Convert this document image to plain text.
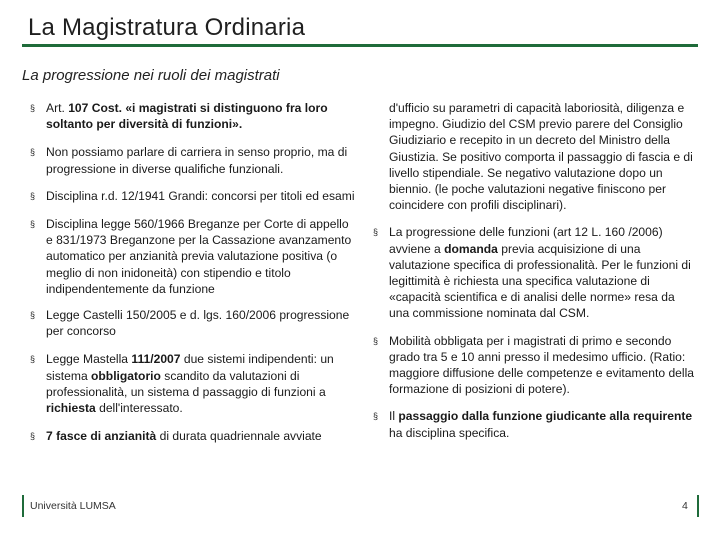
La Magistratura Ordinaria
La progressione nei ruoli dei magistrati
§ Art. 107 Cost. «i magistrati si distinguono fra loro soltanto per diversità di funzioni».
§ Non possiamo parlare di carriera in senso proprio, ma di progressione in diverse qualifiche funzionali.
§ Disciplina r.d. 12/1941 Grandi: concorsi per titoli ed esami
§ Disciplina legge 560/1966 Breganze per Corte di appello e 831/1973 Breganzone per la Cassazione avanzamento automatico per anzianità previa valutazione positiva (o meglio di non inidoneità) con stipendio e titolo indipendentemente da funzione
§ Legge Castelli 150/2005 e d. lgs. 160/2006 progressione per concorso
§ Legge Mastella 111/2007 due sistemi indipendenti: un sistema obbligatorio scandito da valutazioni di professionalità, un sistema d passaggio di funzioni a richiesta dell'interessato.
§ 7 fasce di anzianità di durata quadriennale avviate
d'ufficio su parametri di capacità laboriosità, diligenza e impegno. Giudizio del CSM previo parere del Consiglio Giudiziario e recepito in un decreto del Ministro della Giustizia. Se positivo comporta il passaggio di fascia e di livello stipendiale. Se negativo valutazione dopo un biennio. (le poche valutazioni negative finiscono per coincidere con profili disciplinari).
§ La progressione delle funzioni (art 12 L. 160 /2006) avviene a domanda previa acquisizione di una valutazione specifica di professionalità. Per le funzioni di legittimità è richiesta una specifica valutazione di «capacità scientifica e di analisi delle norme» resa da una commissione nominata dal CSM.
§ Mobilità obbligata per i magistrati di primo e secondo grado tra 5 e 10 anni presso il medesimo ufficio. (Ratio: maggiore diffusione delle competenze e evitamento della formazione di posizioni di potere).
§ Il passaggio dalla funzione giudicante alla requirente ha disciplina specifica.
Università LUMSA	4
